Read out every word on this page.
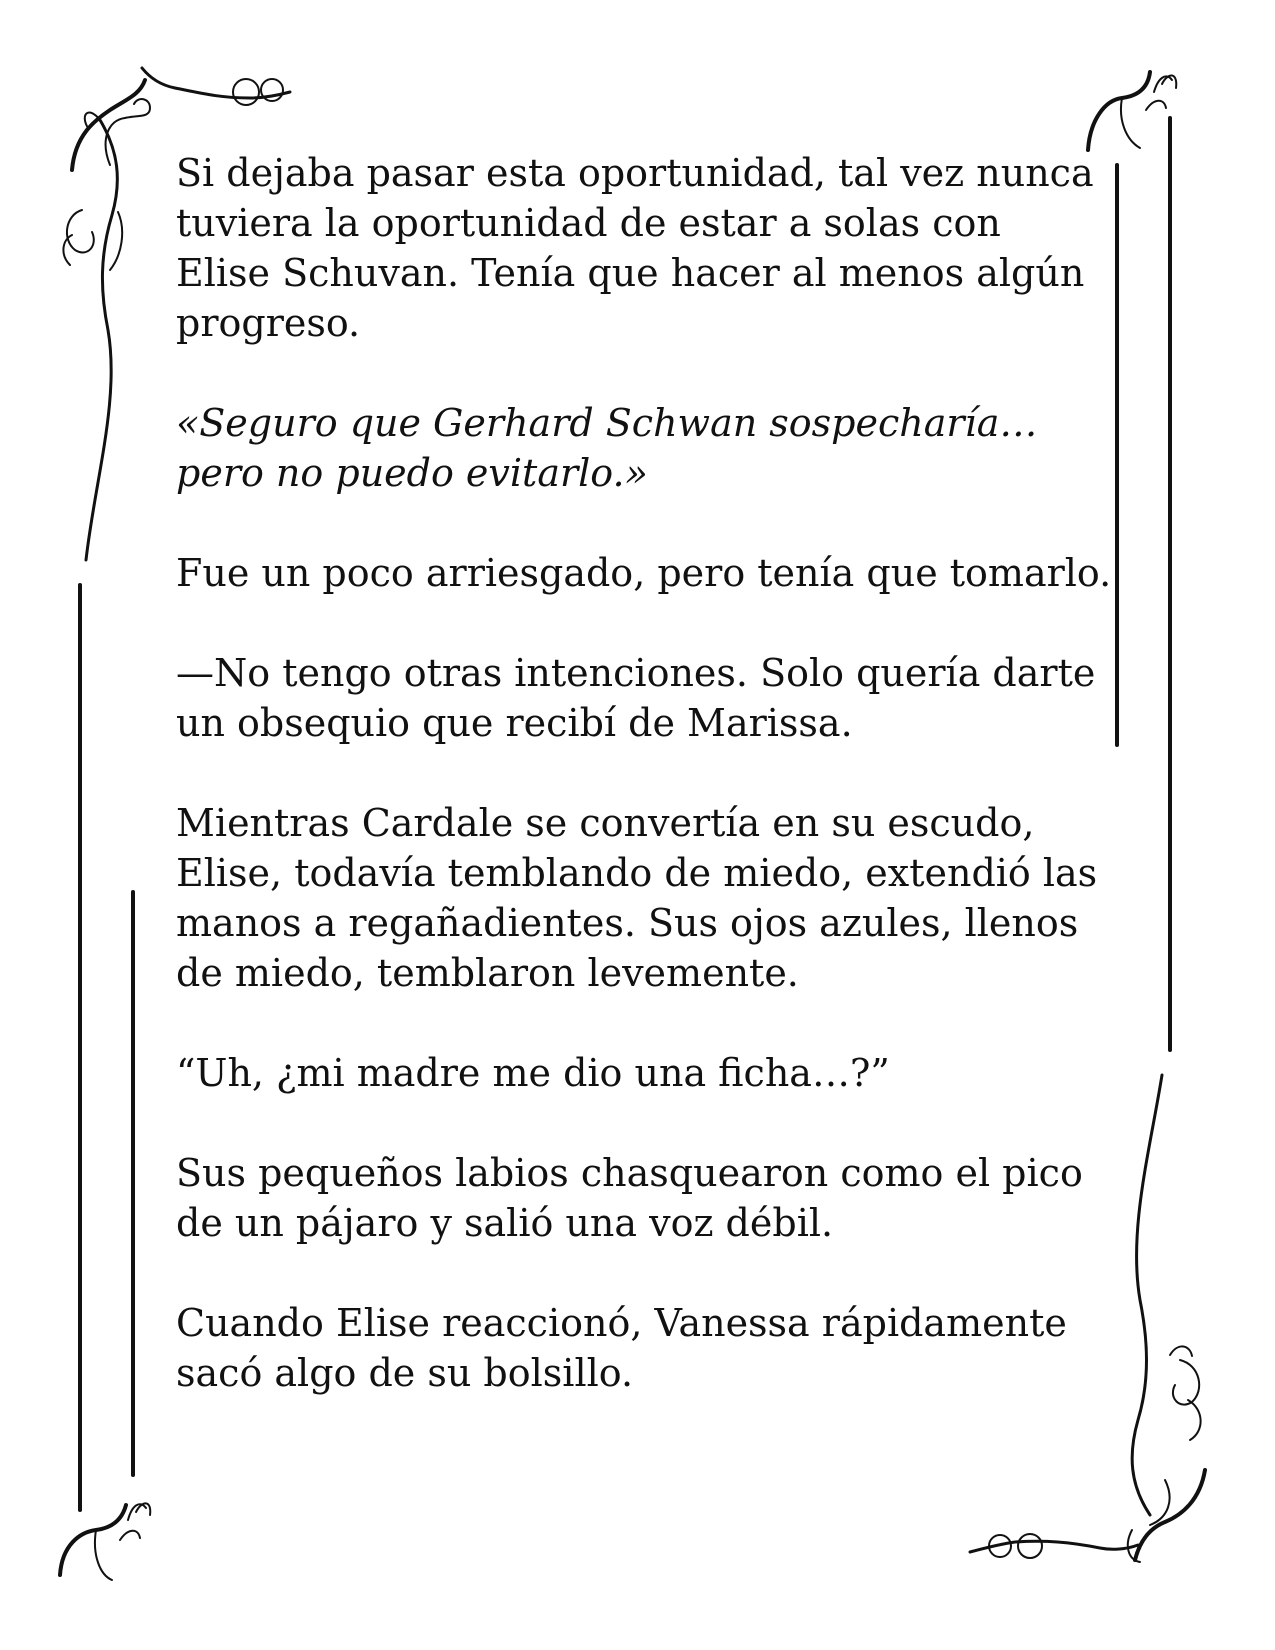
Si dejaba pasar esta oportunidad, tal vez nunca
tuviera la oportunidad de estar a solas con
Elise Schuvan. Tenía que hacer al menos algún
progreso.

«Seguro que Gerhard Schwan sospecharía…
pero no puedo evitarlo.»

Fue un poco arriesgado, pero tenía que tomarlo.

—No tengo otras intenciones. Solo quería darte
un obsequio que recibí de Marissa.

Mientras Cardale se convertía en su escudo,
Elise, todavía temblando de miedo, extendió las
manos a regañadientes. Sus ojos azules, llenos
de miedo, temblaron levemente.

“Uh, ¿mi madre me dio una ficha…?”

Sus pequeños labios chasquearon como el pico
de un pájaro y salió una voz débil.

Cuando Elise reaccionó, Vanessa rápidamente
sacó algo de su bolsillo.
